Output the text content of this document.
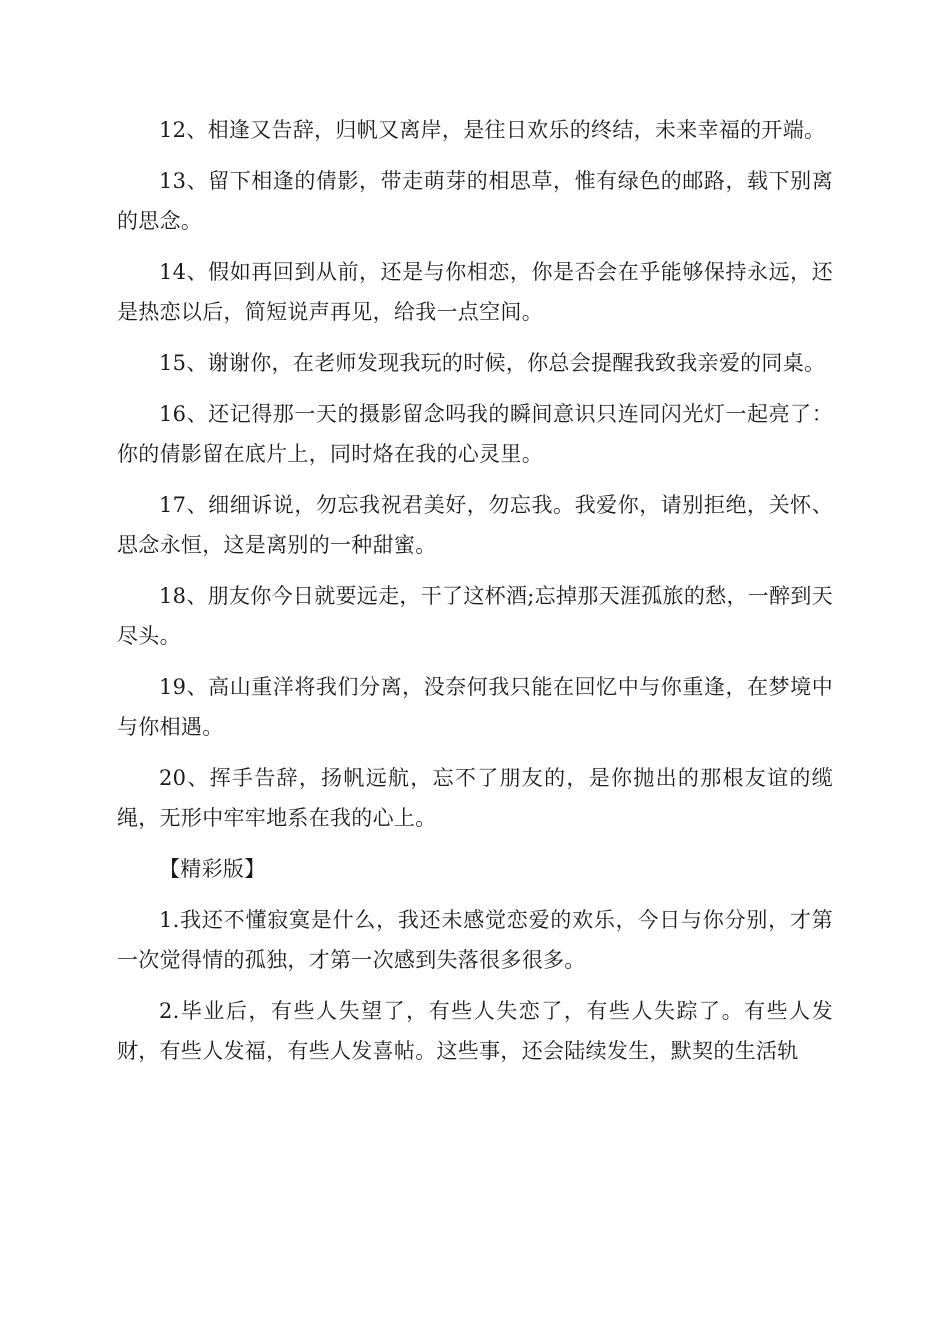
12、相逢又告辞，归帆又离岸，是往日欢乐的终结，未来幸福的开端。

13、留下相逢的倩影，带走萌芽的相思草，惟有绿色的邮路，载下别离的思念。

14、假如再回到从前，还是与你相恋，你是否会在乎能够保持永远，还是热恋以后，简短说声再见，给我一点空间。

15、谢谢你，在老师发现我玩的时候，你总会提醒我致我亲爱的同桌。

16、还记得那一天的摄影留念吗我的瞬间意识只连同闪光灯一起亮了：你的倩影留在底片上，同时烙在我的心灵里。

17、细细诉说，勿忘我祝君美好，勿忘我。我爱你，请别拒绝，关怀、思念永恒，这是离别的一种甜蜜。

18、朋友你今日就要远走，干了这杯酒;忘掉那天涯孤旅的愁，一醉到天尽头。

19、高山重洋将我们分离，没奈何我只能在回忆中与你重逢，在梦境中与你相遇。

20、挥手告辞，扬帆远航，忘不了朋友的，是你抛出的那根友谊的缆绳，无形中牢牢地系在我的心上。

【精彩版】

1.我还不懂寂寞是什么，我还未感觉恋爱的欢乐，今日与你分别，才第一次觉得情的孤独，才第一次感到失落很多很多。

2.毕业后，有些人失望了，有些人失恋了，有些人失踪了。有些人发财，有些人发福，有些人发喜帖。这些事，还会陆续发生，默契的生活轨
